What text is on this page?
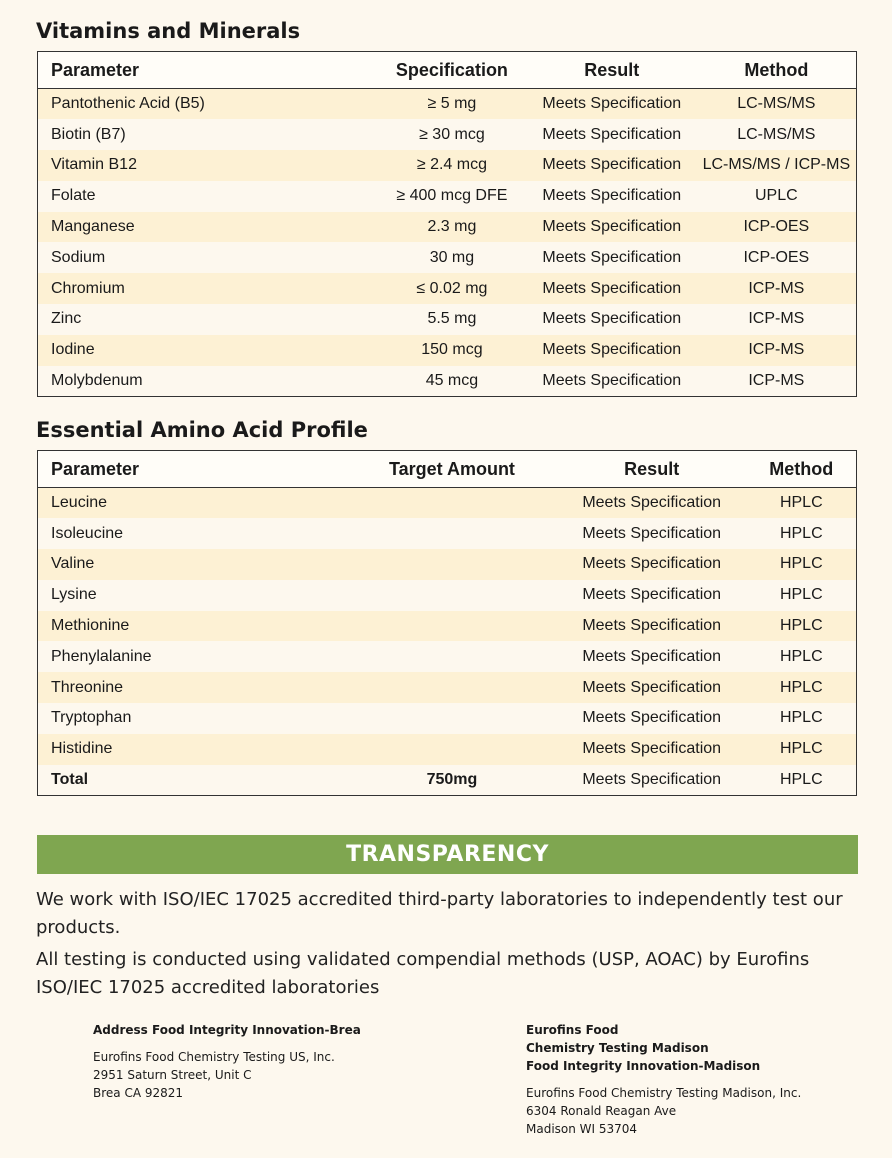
Vitamins and Minerals
Parameter	Specification	Result	Method
Pantothenic Acid (B5)	≥ 5 mg	Meets Specification	LC-MS/MS
Biotin (B7)	≥ 30 mcg	Meets Specification	LC-MS/MS
Vitamin B12	≥ 2.4 mcg	Meets Specification	LC-MS/MS / ICP-MS
Folate	≥ 400 mcg DFE	Meets Specification	UPLC
Manganese	2.3 mg	Meets Specification	ICP-OES
Sodium	30 mg	Meets Specification	ICP-OES
Chromium	≤ 0.02 mg	Meets Specification	ICP-MS
Zinc	5.5 mg	Meets Specification	ICP-MS
Iodine	150 mcg	Meets Specification	ICP-MS
Molybdenum	45 mcg	Meets Specification	ICP-MS
Essential Amino Acid Profile
Parameter	Target Amount	Result	Method
Leucine		Meets Specification	HPLC
Isoleucine		Meets Specification	HPLC
Valine		Meets Specification	HPLC
Lysine		Meets Specification	HPLC
Methionine		Meets Specification	HPLC
Phenylalanine		Meets Specification	HPLC
Threonine		Meets Specification	HPLC
Tryptophan		Meets Specification	HPLC
Histidine		Meets Specification	HPLC
Total	750mg	Meets Specification	HPLC
TRANSPARENCY

We work with ISO/IEC 17025 accredited third-party laboratories to independently test our products.

All testing is conducted using validated compendial methods (USP, AOAC) by Eurofins ISO/IEC 17025 accredited laboratories

Address Food Integrity Innovation-Brea
Eurofins Food Chemistry Testing US, Inc.
2951 Saturn Street, Unit C
Brea CA 92821
Eurofins Food
Chemistry Testing Madison
Food Integrity Innovation-Madison
Eurofins Food Chemistry Testing Madison, Inc.
6304 Ronald Reagan Ave
Madison WI 53704
